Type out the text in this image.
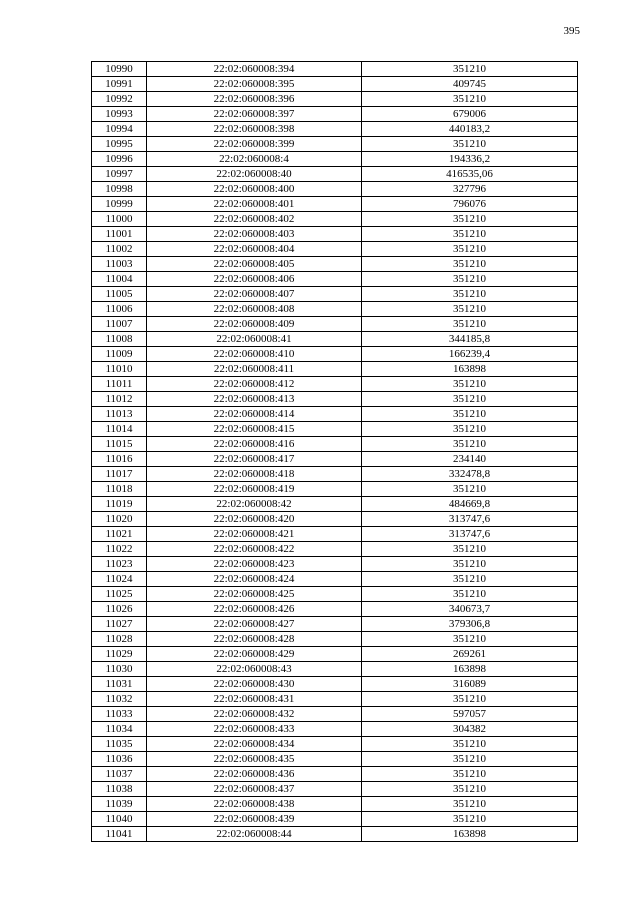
395
10990	22:02:060008:394	351210
10991	22:02:060008:395	409745
10992	22:02:060008:396	351210
10993	22:02:060008:397	679006
10994	22:02:060008:398	440183,2
10995	22:02:060008:399	351210
10996	22:02:060008:4	194336,2
10997	22:02:060008:40	416535,06
10998	22:02:060008:400	327796
10999	22:02:060008:401	796076
11000	22:02:060008:402	351210
11001	22:02:060008:403	351210
11002	22:02:060008:404	351210
11003	22:02:060008:405	351210
11004	22:02:060008:406	351210
11005	22:02:060008:407	351210
11006	22:02:060008:408	351210
11007	22:02:060008:409	351210
11008	22:02:060008:41	344185,8
11009	22:02:060008:410	166239,4
11010	22:02:060008:411	163898
11011	22:02:060008:412	351210
11012	22:02:060008:413	351210
11013	22:02:060008:414	351210
11014	22:02:060008:415	351210
11015	22:02:060008:416	351210
11016	22:02:060008:417	234140
11017	22:02:060008:418	332478,8
11018	22:02:060008:419	351210
11019	22:02:060008:42	484669,8
11020	22:02:060008:420	313747,6
11021	22:02:060008:421	313747,6
11022	22:02:060008:422	351210
11023	22:02:060008:423	351210
11024	22:02:060008:424	351210
11025	22:02:060008:425	351210
11026	22:02:060008:426	340673,7
11027	22:02:060008:427	379306,8
11028	22:02:060008:428	351210
11029	22:02:060008:429	269261
11030	22:02:060008:43	163898
11031	22:02:060008:430	316089
11032	22:02:060008:431	351210
11033	22:02:060008:432	597057
11034	22:02:060008:433	304382
11035	22:02:060008:434	351210
11036	22:02:060008:435	351210
11037	22:02:060008:436	351210
11038	22:02:060008:437	351210
11039	22:02:060008:438	351210
11040	22:02:060008:439	351210
11041	22:02:060008:44	163898
